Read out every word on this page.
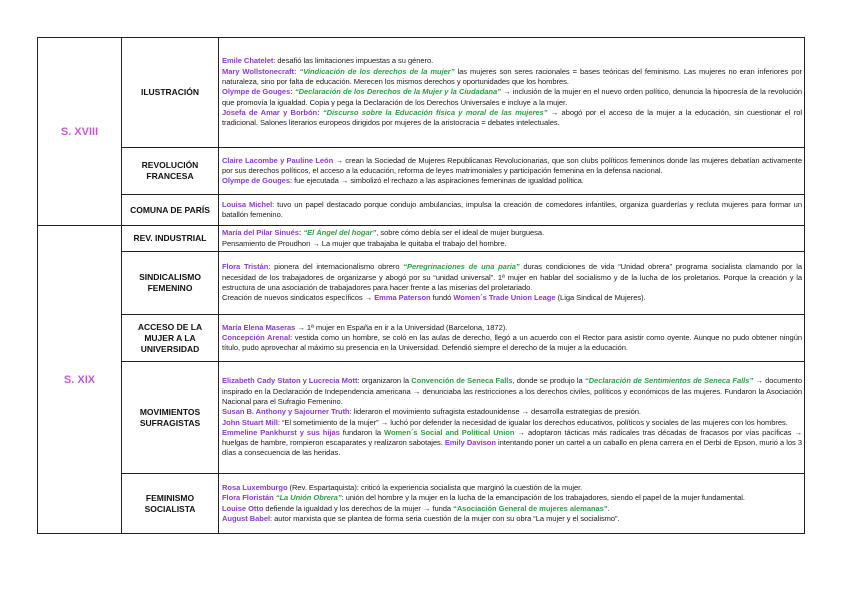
S. XVIII	ILUSTRACIÓN	Emile Chatelet: desafió las limitaciones impuestas a su género.

Mary Wollstonecraft: “Vindicación de los derechos de la mujer” las mujeres son seres racionales = bases teóricas del feminismo. Las mujeres no eran inferiores por naturaleza, sino por falta de educación. Merecen los mismos derechos y oportunidades que los hombres.

Olympe de Gouges: “Declaración de los Derechos de la Mujer y la Ciudadana” → inclusión de la mujer en el nuevo orden político, denuncia la hipocresía de la revolución que promovía la igualdad. Copia y pega la Declaración de los Derechos Universales e incluye a la mujer.

Josefa de Amar y Borbón: “Discurso sobre la Educación física y moral de las mujeres” → abogó por el acceso de la mujer a la educación, sin cuestionar el rol tradicional. Salones literarios europeos dirigidos por mujeres de la aristocracia = debates intelectuales.

	REVOLUCIÓN FRANCESA	Claire Lacombe y Pauline León → crean la Sociedad de Mujeres Republicanas Revolucionarias, que son clubs políticos femeninos donde las mujeres debatían activamente por sus derechos políticos, el acceso a la educación, reforma de leyes matrimoniales y participación femenina en la defensa nacional.

Olympe de Gouges: fue ejecutada → simbolizó el rechazo a las aspiraciones femeninas de igualdad política.

	COMUNA DE PARÍS	Louisa Michel: tuvo un papel destacado porque condujo ambulancias, impulsa la creación de comedores infantiles, organiza guarderías y recluta mujeres para formar un batallón femenino.

S. XIX	REV. INDUSTRIAL	María del Pilar Sinués: “El Ángel del hogar”, sobre cómo debía ser el ideal de mujer burguesa.

Pensamiento de Proudhon → La mujer que trabajaba le quitaba el trabajo del hombre.

	SINDICALISMO FEMENINO	Flora Tristán: pionera del internacionalismo obrero “Peregrinaciones de una paria” duras condiciones de vida “Unidad obrera” programa socialista clamando por la necesidad de los trabajadores de organizarse y abogó por su “unidad universal”. 1ª mujer en hablar del socialismo y de la lucha de los proletarios. Porque la creación y la estructura de una asociación de trabajadores para hacer frente a las miserias del proletariado.

Creación de nuevos sindicatos específicos → Emma Paterson fundó Women´s Trade Union Leage (Liga Sindical de Mujeres).

	ACCESO DE LA MUJER A LA UNIVERSIDAD	María Elena Maseras → 1ª mujer en España en ir a la Universidad (Barcelona, 1872).

Concepción Arenal: vestida como un hombre, se coló en las aulas de derecho, llegó a un acuerdo con el Rector para asistir como oyente. Aunque no pudo obtener ningún título, pudo aprovechar al máximo su presencia en la Universidad. Defendió siempre el derecho de la mujer a la educación.

	MOVIMIENTOS SUFRAGISTAS	Elizabeth Cady Staton y Lucrecia Mott: organizaron la Convención de Seneca Falls, donde se produjo la “Declaración de Sentimientos de Seneca Falls” → documento inspirado en la Declaración de Independencia americana → denunciaba las restricciones a los derechos civiles, políticos y económicos de las mujeres. Fundaron la Asociación Nacional para el Sufragio Femenino.

Susan B. Anthony y Sajourner Truth: lideraron el movimiento sufragista estadounidense → desarrolla estrategias de presión.

John Stuart Mill: “El sometimiento de la mujer” → luchó por defender la necesidad de igualar los derechos educativos, políticos y sociales de las mujeres con los hombres.

Emmeline Pankhurst y sus hijas fundaron la Women´s Social and Political Union → adoptaron tácticas más radicales tras décadas de fracasos por vías pacíficas → huelgas de hambre, rompieron escaparates y realizaron sabotajes. Emily Davison intentando poner un cartel a un caballo en plena carrera en el Derbi de Epson, murió a los 3 días a consecuencia de las heridas.

	FEMINISMO SOCIALISTA	Rosa Luxemburgo (Rev. Espartaquista): criticó la experiencia socialista que marginó la cuestión de la mujer.

Flora Floristán “La Unión Obrera”: unión del hombre y la mujer en la lucha de la emancipación de los trabajadores, siendo el papel de la mujer fundamental.

Louise Otto defiende la igualdad y los derechos de la mujer → funda “Asociación General de mujeres alemanas”.

August Babel: autor marxista que se plantea de forma seria cuestión de la mujer con su obra “La mujer y el socialismo”.
